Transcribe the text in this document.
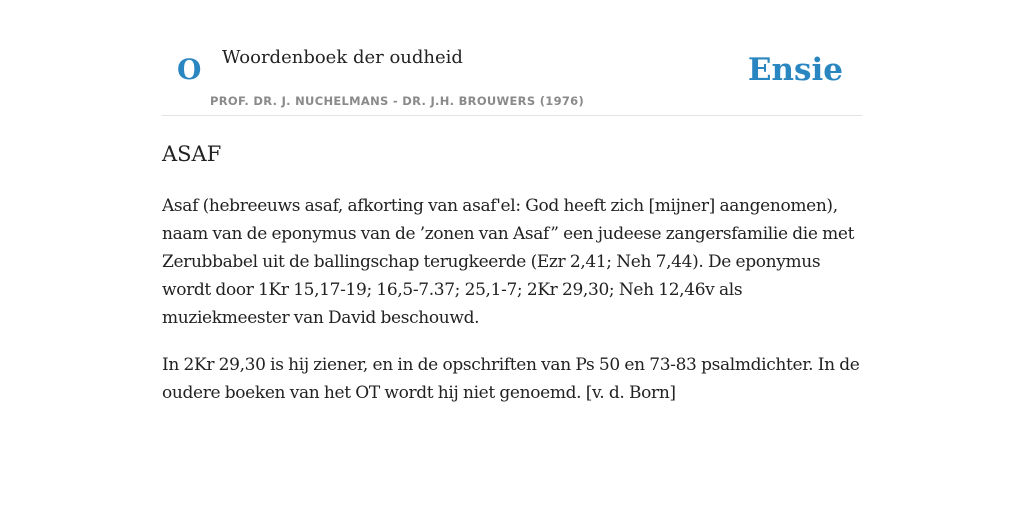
O Woordenboek der oudheid
PROF. DR. J. NUCHELMANS - DR. J.H. BROUWERS (1976)
Ensie
ASAF

Asaf (hebreeuws asaf, afkorting van asaf'el: God heeft zich [mijner] aangenomen), naam van de eponymus van de ’zonen van Asaf” een judeese zangersfamilie die met Zerubbabel uit de ballingschap terugkeerde (Ezr 2,41; Neh 7,44). De eponymus wordt door 1Kr 15,17-19; 16,5-7.37; 25,1-7; 2Kr 29,30; Neh 12,46v als muziekmeester van David beschouwd.

In 2Kr 29,30 is hij ziener, en in de opschriften van Ps 50 en 73-83 psalmdichter. In de oudere boeken van het OT wordt hij niet genoemd. [v. d. Born]
